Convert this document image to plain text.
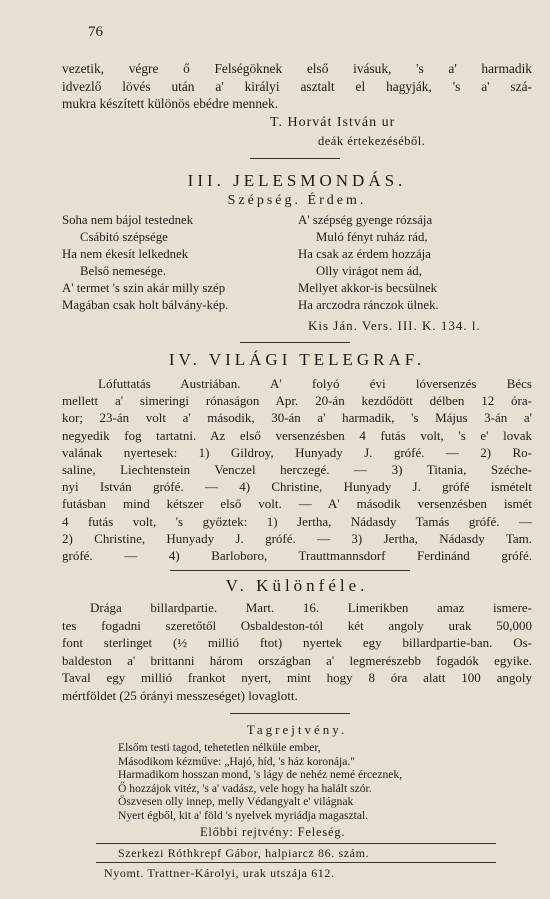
76
vezetik, végre ő Felségöknek első ivásuk, 's a' harmadik
idvezlő lövés után a' királyi asztalt el hagyják, 's a' szá-
mukra készített különös ebédre mennek.
T. Horvát István ur
deák értekezéséből.
III. JELESMONDÁS.
Szépség. Érdem.
Soha nem bájol testednek
Csábitó szépsége
Ha nem ékesít lelkednek
Belső nemesége.
A' termet 's szin akár milly szép
Magában csak holt bálvány-kép.
A' szépség gyenge rózsája
Muló fényt ruház rád,
Ha csak az érdem hozzája
Olly virágot nem ád,
Mellyet akkor-is becsülnek
Ha arczodra ránczok ülnek.
Kis Ján. Vers. III. K. 134. l.
IV. VILÁGI TELEGRAF.
Lófuttatás Austriában. A' folyó évi lóversenzés Bécs
mellett a' simeringi rónaságon Apr. 20-án kezdődött délben 12 óra-
kor; 23-án volt a' második, 30-án a' harmadik, 's Május 3-án a'
negyedik fog tartatni. Az első versenzésben 4 futás volt, 's e' lovak
valának nyertesek: 1) Gildroy, Hunyady J. grófé. — 2) Ro-
saline, Liechtenstein Venczel herczegé. — 3) Titania, Széche-
nyi István grófé. — 4) Christine, Hunyady J. grófé ismételt
futásban mind kétszer első volt. — A' második versenzésben ismét
4 futás volt, 's győztek: 1) Jertha, Nádasdy Tamás grófé. —
2) Christine, Hunyady J. grófé. — 3) Jertha, Nádasdy Tam.
grófé. — 4) Barloboro, Trauttmannsdorf Ferdinánd grófé.
V. Különféle.
Drága billardpartie. Mart. 16. Limerikben amaz ismere-
tes fogadni szeretőtől Osbaldeston-tól két angoly urak 50,000
font sterlinget (½ millió ftot) nyertek egy billardpartie-ban. Os-
baldeston a' brittanni három országban a' legmerészebb fogadók egyike.
Taval egy millió frankot nyert, mint hogy 8 óra alatt 100 angoly
mértföldet (25 órányi messzeséget) lovaglott.
Tagrejtvény.
Elsőm testi tagod, tehetetlen nélküle ember,
Másodikom kézműve: „Hajó, híd, 's ház koronája."
Harmadikom hosszan mond, 's lágy de nehéz nemé érceznek,
Ő hozzájok vitéz, 's a' vadász, vele hogy ha halált szór.
Öszvesen olly innep, melly Védangyalt e' világnak
Nyert égből, kit a' föld 's nyelvek myriádja magasztal.
Előbbi rejtvény: Feleség.
Szerkezi Róthkrepf Gábor, halpiarcz 86. szám.
Nyomt. Trattner-Károlyi, urak utszája 612.
